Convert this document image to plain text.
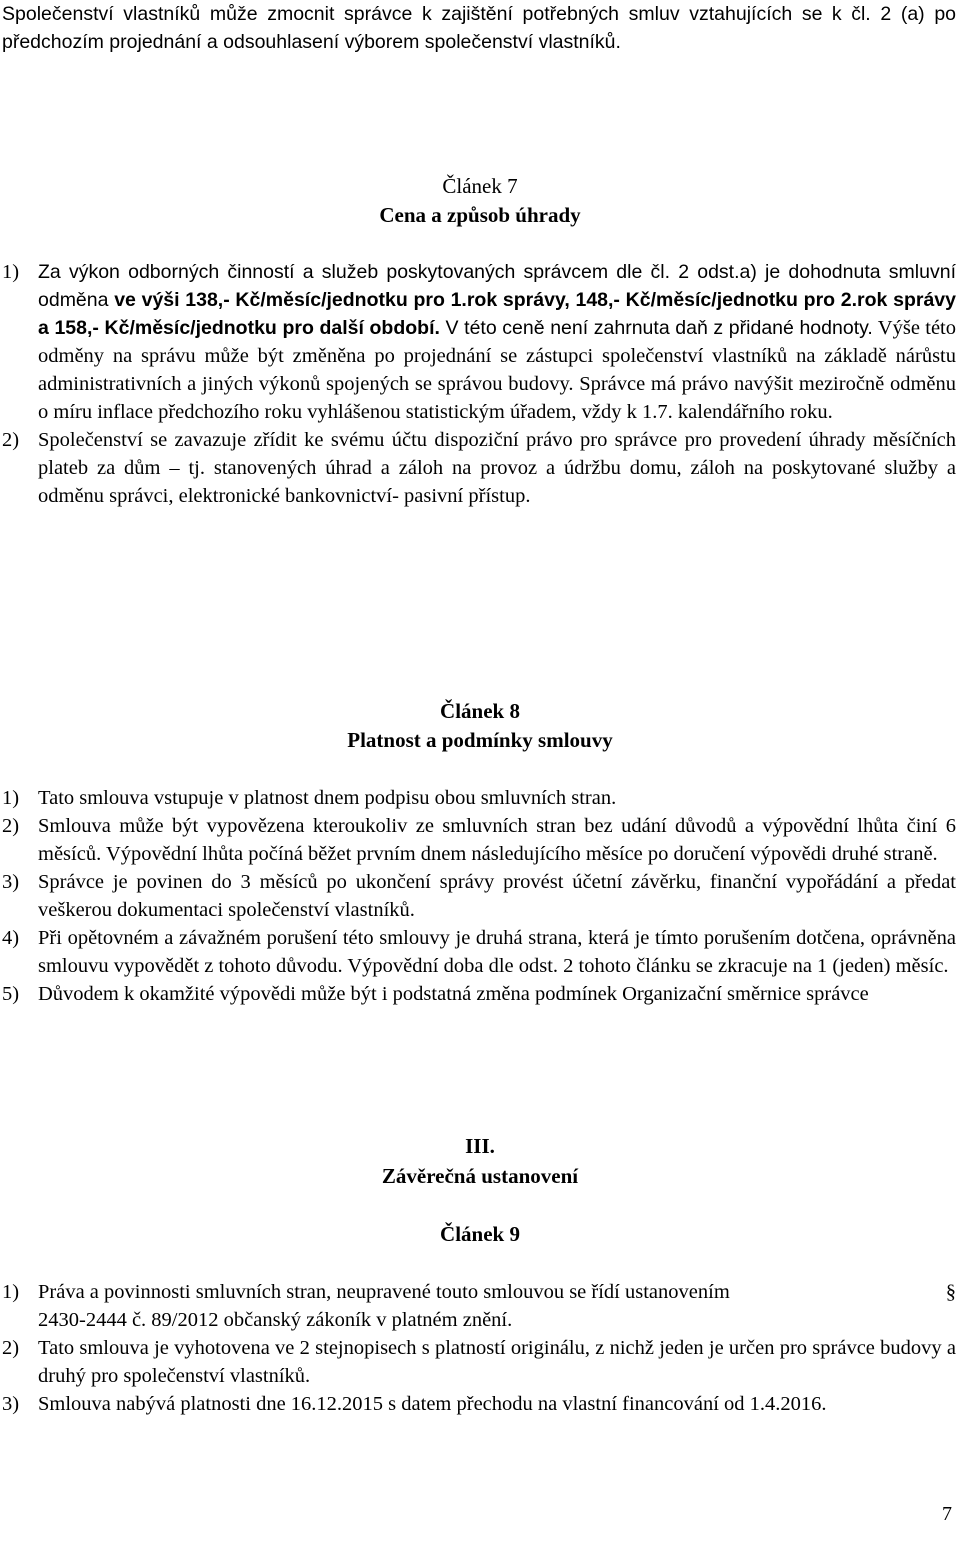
Společenství vlastníků může zmocnit správce k zajištění potřebných smluv vztahujících se k čl. 2 (a) po předchozím projednání a odsouhlasení výborem společenství vlastníků.
Článek 7
Cena a způsob úhrady
1) Za výkon odborných činností a služeb poskytovaných správcem dle čl. 2 odst.a) je dohodnuta smluvní odměna ve výši 138,- Kč/měsíc/jednotku pro 1.rok správy, 148,- Kč/měsíc/jednotku pro 2.rok správy a 158,- Kč/měsíc/jednotku pro další období. V této ceně není zahrnuta daň z přidané hodnoty. Výše této odměny na správu může být změněna po projednání se zástupci společenství vlastníků na základě nárůstu administrativních a jiných výkonů spojených se správou budovy. Správce má právo navýšit meziročně odměnu o míru inflace předchozího roku vyhlášenou statistickým úřadem, vždy k 1.7. kalendářního roku.
2) Společenství se zavazuje zřídit ke svému účtu dispoziční právo pro správce pro provedení úhrady měsíčních plateb za dům – tj. stanovených úhrad a záloh na provoz a údržbu domu, záloh na poskytované služby a odměnu správci, elektronické bankovnictví- pasivní přístup.
Článek 8
Platnost a podmínky smlouvy
1) Tato smlouva vstupuje v platnost dnem podpisu obou smluvních stran.
2) Smlouva může být vypovězena kteroukoliv ze smluvních stran bez udání důvodů a výpovědní lhůta činí 6 měsíců. Výpovědní lhůta počíná běžet prvním dnem následujícího měsíce po doručení výpovědi druhé straně.
3) Správce je povinen do 3 měsíců po ukončení správy provést účetní závěrku, finanční vypořádání a předat veškerou dokumentaci společenství vlastníků.
4) Při opětovném a závažném porušení této smlouvy je druhá strana, která je tímto porušením dotčena, oprávněna smlouvu vypovědět z tohoto důvodu. Výpovědní doba dle odst. 2 tohoto článku se zkracuje na 1 (jeden) měsíc.
5) Důvodem k okamžité výpovědi může být i podstatná změna podmínek Organizační směrnice správce
III.
Závěrečná ustanovení
Článek 9
1)	§
Práva a povinnosti smluvních stran, neupravené touto smlouvou se řídí ustanovením
2430-2444 č. 89/2012 občanský zákoník v platném znění.
2) Tato smlouva je vyhotovena ve 2 stejnopisech s platností originálu, z nichž jeden je určen pro správce budovy a druhý pro společenství vlastníků.
3) Smlouva nabývá platnosti dne 16.12.2015 s datem přechodu na vlastní financování od 1.4.2016.
7
